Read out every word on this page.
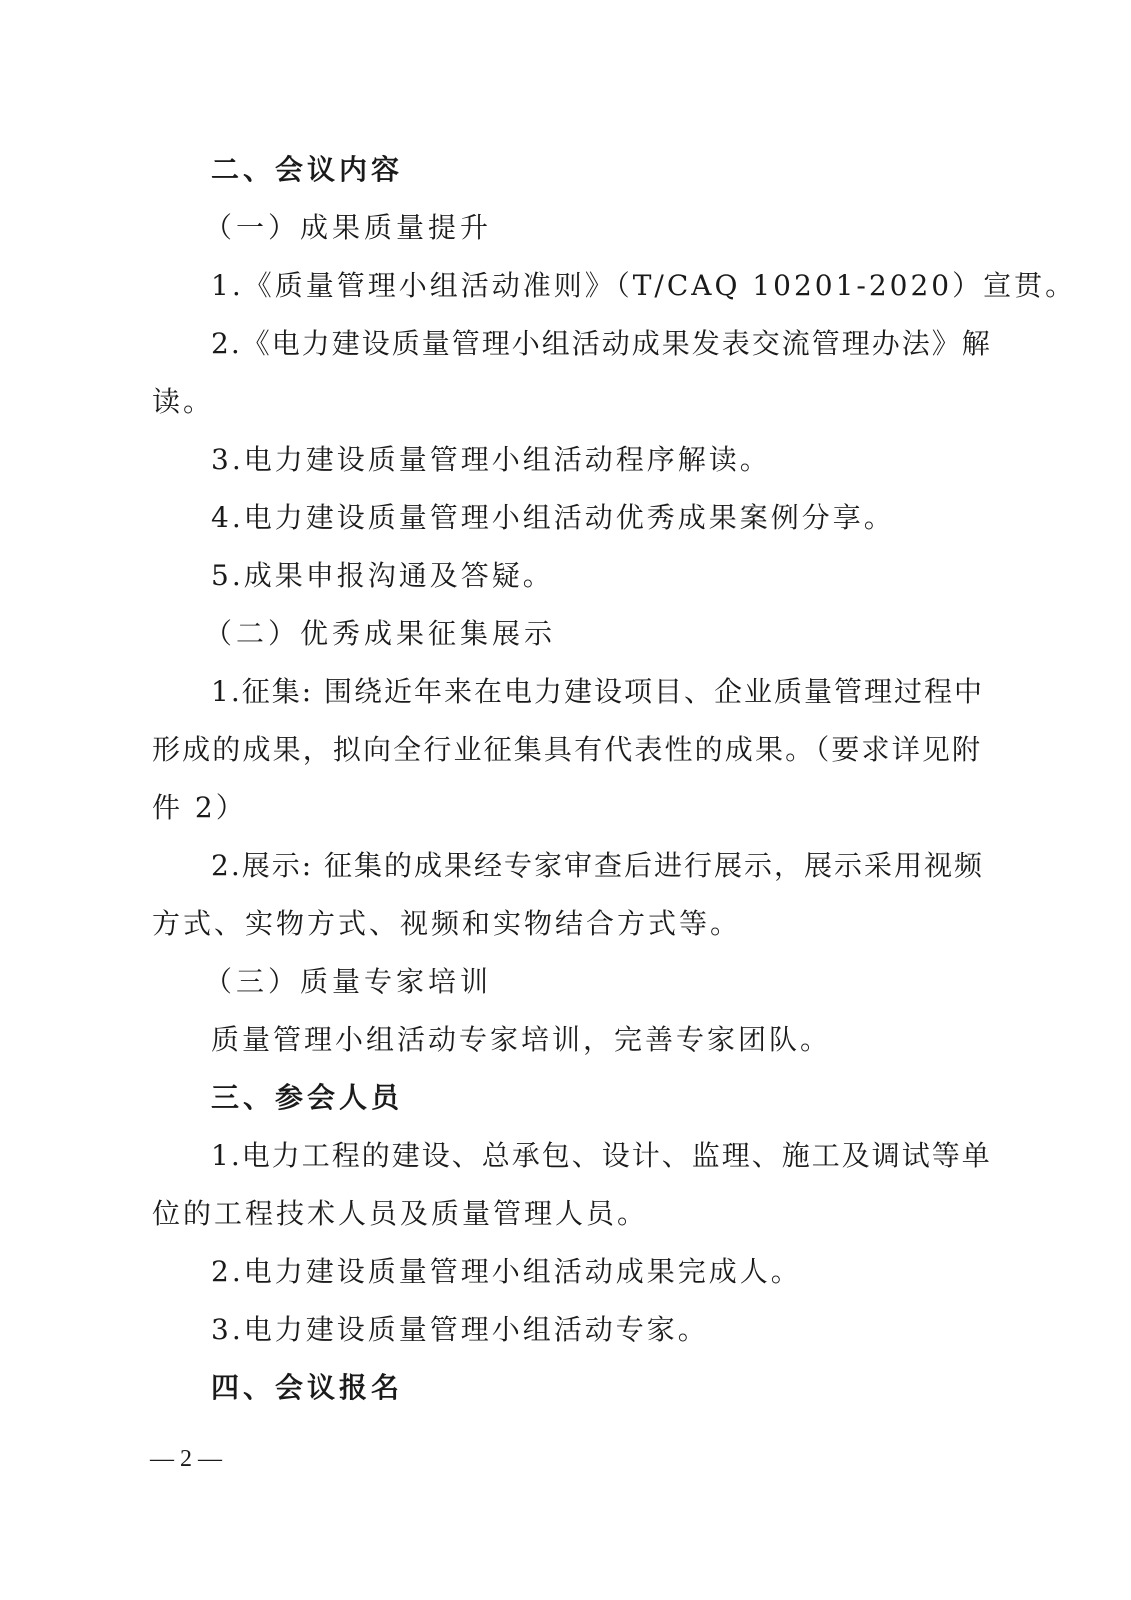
二、会议内容
（一）成果质量提升
1.《质量管理小组活动准则》（T/CAQ 10201-2020）宣贯。
2.《电力建设质量管理小组活动成果发表交流管理办法》解
读。
3.电力建设质量管理小组活动程序解读。
4.电力建设质量管理小组活动优秀成果案例分享。
5.成果申报沟通及答疑。
（二）优秀成果征集展示
1.征集: 围绕近年来在电力建设项目、企业质量管理过程中
形成的成果，拟向全行业征集具有代表性的成果。（要求详见附
件 2）
2.展示: 征集的成果经专家审查后进行展示，展示采用视频
方式、实物方式、视频和实物结合方式等。
（三）质量专家培训
质量管理小组活动专家培训，完善专家团队。
三、参会人员
1.电力工程的建设、总承包、设计、监理、施工及调试等单
位的工程技术人员及质量管理人员。
2.电力建设质量管理小组活动成果完成人。
3.电力建设质量管理小组活动专家。
四、会议报名
— 2 —
